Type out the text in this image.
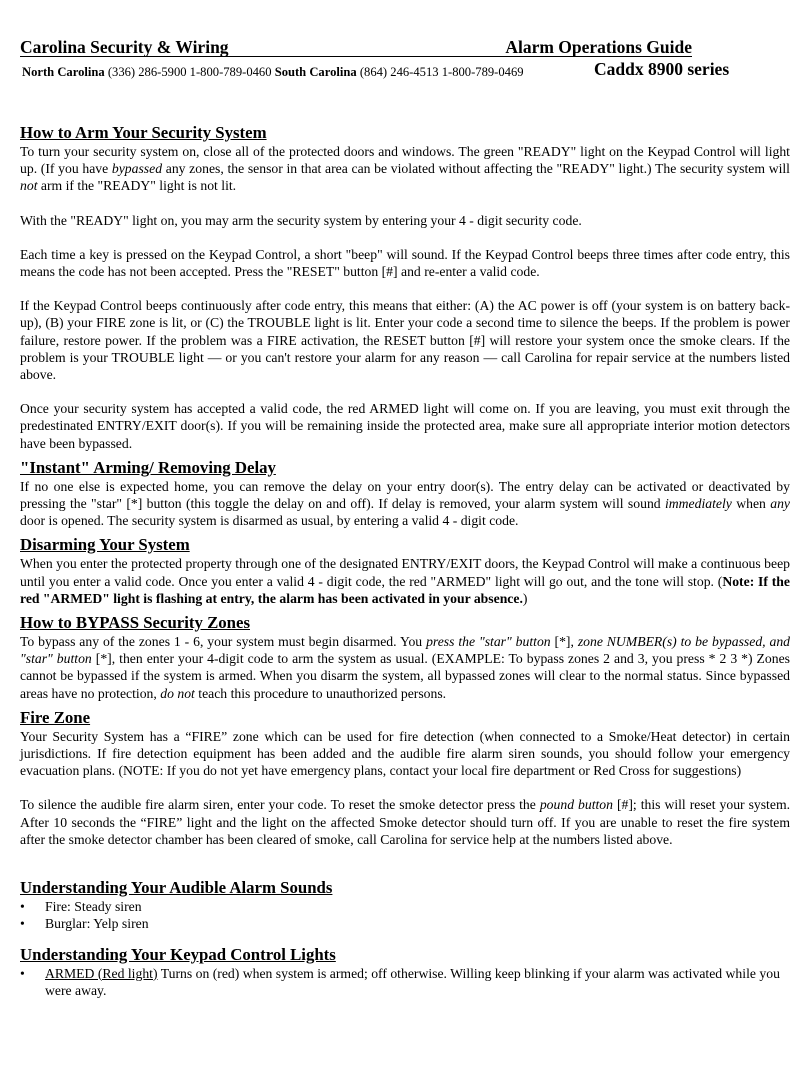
Carolina Security & Wiring	Alarm Operations Guide
North Carolina (336) 286-5900 1-800-789-0460 South Carolina (864) 246-4513 1-800-789-0469	Caddx 8900 series
How to Arm Your Security System

To turn your security system on, close all of the protected doors and windows. The green "READY" light on the Keypad Control will light up. (If you have bypassed any zones, the sensor in that area can be violated without affecting the "READY" light.) The security system will not arm if the "READY" light is not lit.

With the "READY" light on, you may arm the security system by entering your 4 - digit security code.

Each time a key is pressed on the Keypad Control, a short "beep" will sound. If the Keypad Control beeps three times after code entry, this means the code has not been accepted. Press the "RESET" button [#] and re-enter a valid code.

If the Keypad Control beeps continuously after code entry, this means that either: (A) the AC power is off (your system is on battery back-up), (B) your FIRE zone is lit, or (C) the TROUBLE light is lit. Enter your code a second time to silence the beeps. If the problem is power failure, restore power. If the problem was a FIRE activation, the RESET button [#] will restore your system once the smoke clears. If the problem is your TROUBLE light — or you can't restore your alarm for any reason — call Carolina for repair service at the numbers listed above.

Once your security system has accepted a valid code, the red ARMED light will come on. If you are leaving, you must exit through the predestinated ENTRY/EXIT door(s). If you will be remaining inside the protected area, make sure all appropriate interior motion detectors have been bypassed.

"Instant" Arming/ Removing Delay

If no one else is expected home, you can remove the delay on your entry door(s). The entry delay can be activated or deactivated by pressing the "star" [*] button (this toggle the delay on and off). If delay is removed, your alarm system will sound immediately when any door is opened. The security system is disarmed as usual, by entering a valid 4 - digit code.

Disarming Your System

When you enter the protected property through one of the designated ENTRY/EXIT doors, the Keypad Control will make a continuous beep until you enter a valid code. Once you enter a valid 4 - digit code, the red "ARMED" light will go out, and the tone will stop. (Note: If the red "ARMED" light is flashing at entry, the alarm has been activated in your absence.)

How to BYPASS Security Zones

To bypass any of the zones 1 - 6, your system must begin disarmed. You press the "star" button [*], zone NUMBER(s) to be bypassed, and "star" button [*], then enter your 4-digit code to arm the system as usual. (EXAMPLE: To bypass zones 2 and 3, you press * 2 3 *) Zones cannot be bypassed if the system is armed. When you disarm the system, all bypassed zones will clear to the normal status. Since bypassed areas have no protection, do not teach this procedure to unauthorized persons.

Fire Zone

Your Security System has a “FIRE” zone which can be used for fire detection (when connected to a Smoke/Heat detector) in certain jurisdictions. If fire detection equipment has been added and the audible fire alarm siren sounds, you should follow your emergency evacuation plans. (NOTE: If you do not yet have emergency plans, contact your local fire department or Red Cross for suggestions)

To silence the audible fire alarm siren, enter your code. To reset the smoke detector press the pound button [#]; this will reset your system. After 10 seconds the “FIRE” light and the light on the affected Smoke detector should turn off. If you are unable to reset the fire system after the smoke detector chamber has been cleared of smoke, call Carolina for service help at the numbers listed above.

Understanding Your Audible Alarm Sounds
• Fire: Steady siren
• Burglar: Yelp siren
Understanding Your Keypad Control Lights
• ARMED (Red light) Turns on (red) when system is armed; off otherwise. Willing keep blinking if your alarm was activated while you were away.
